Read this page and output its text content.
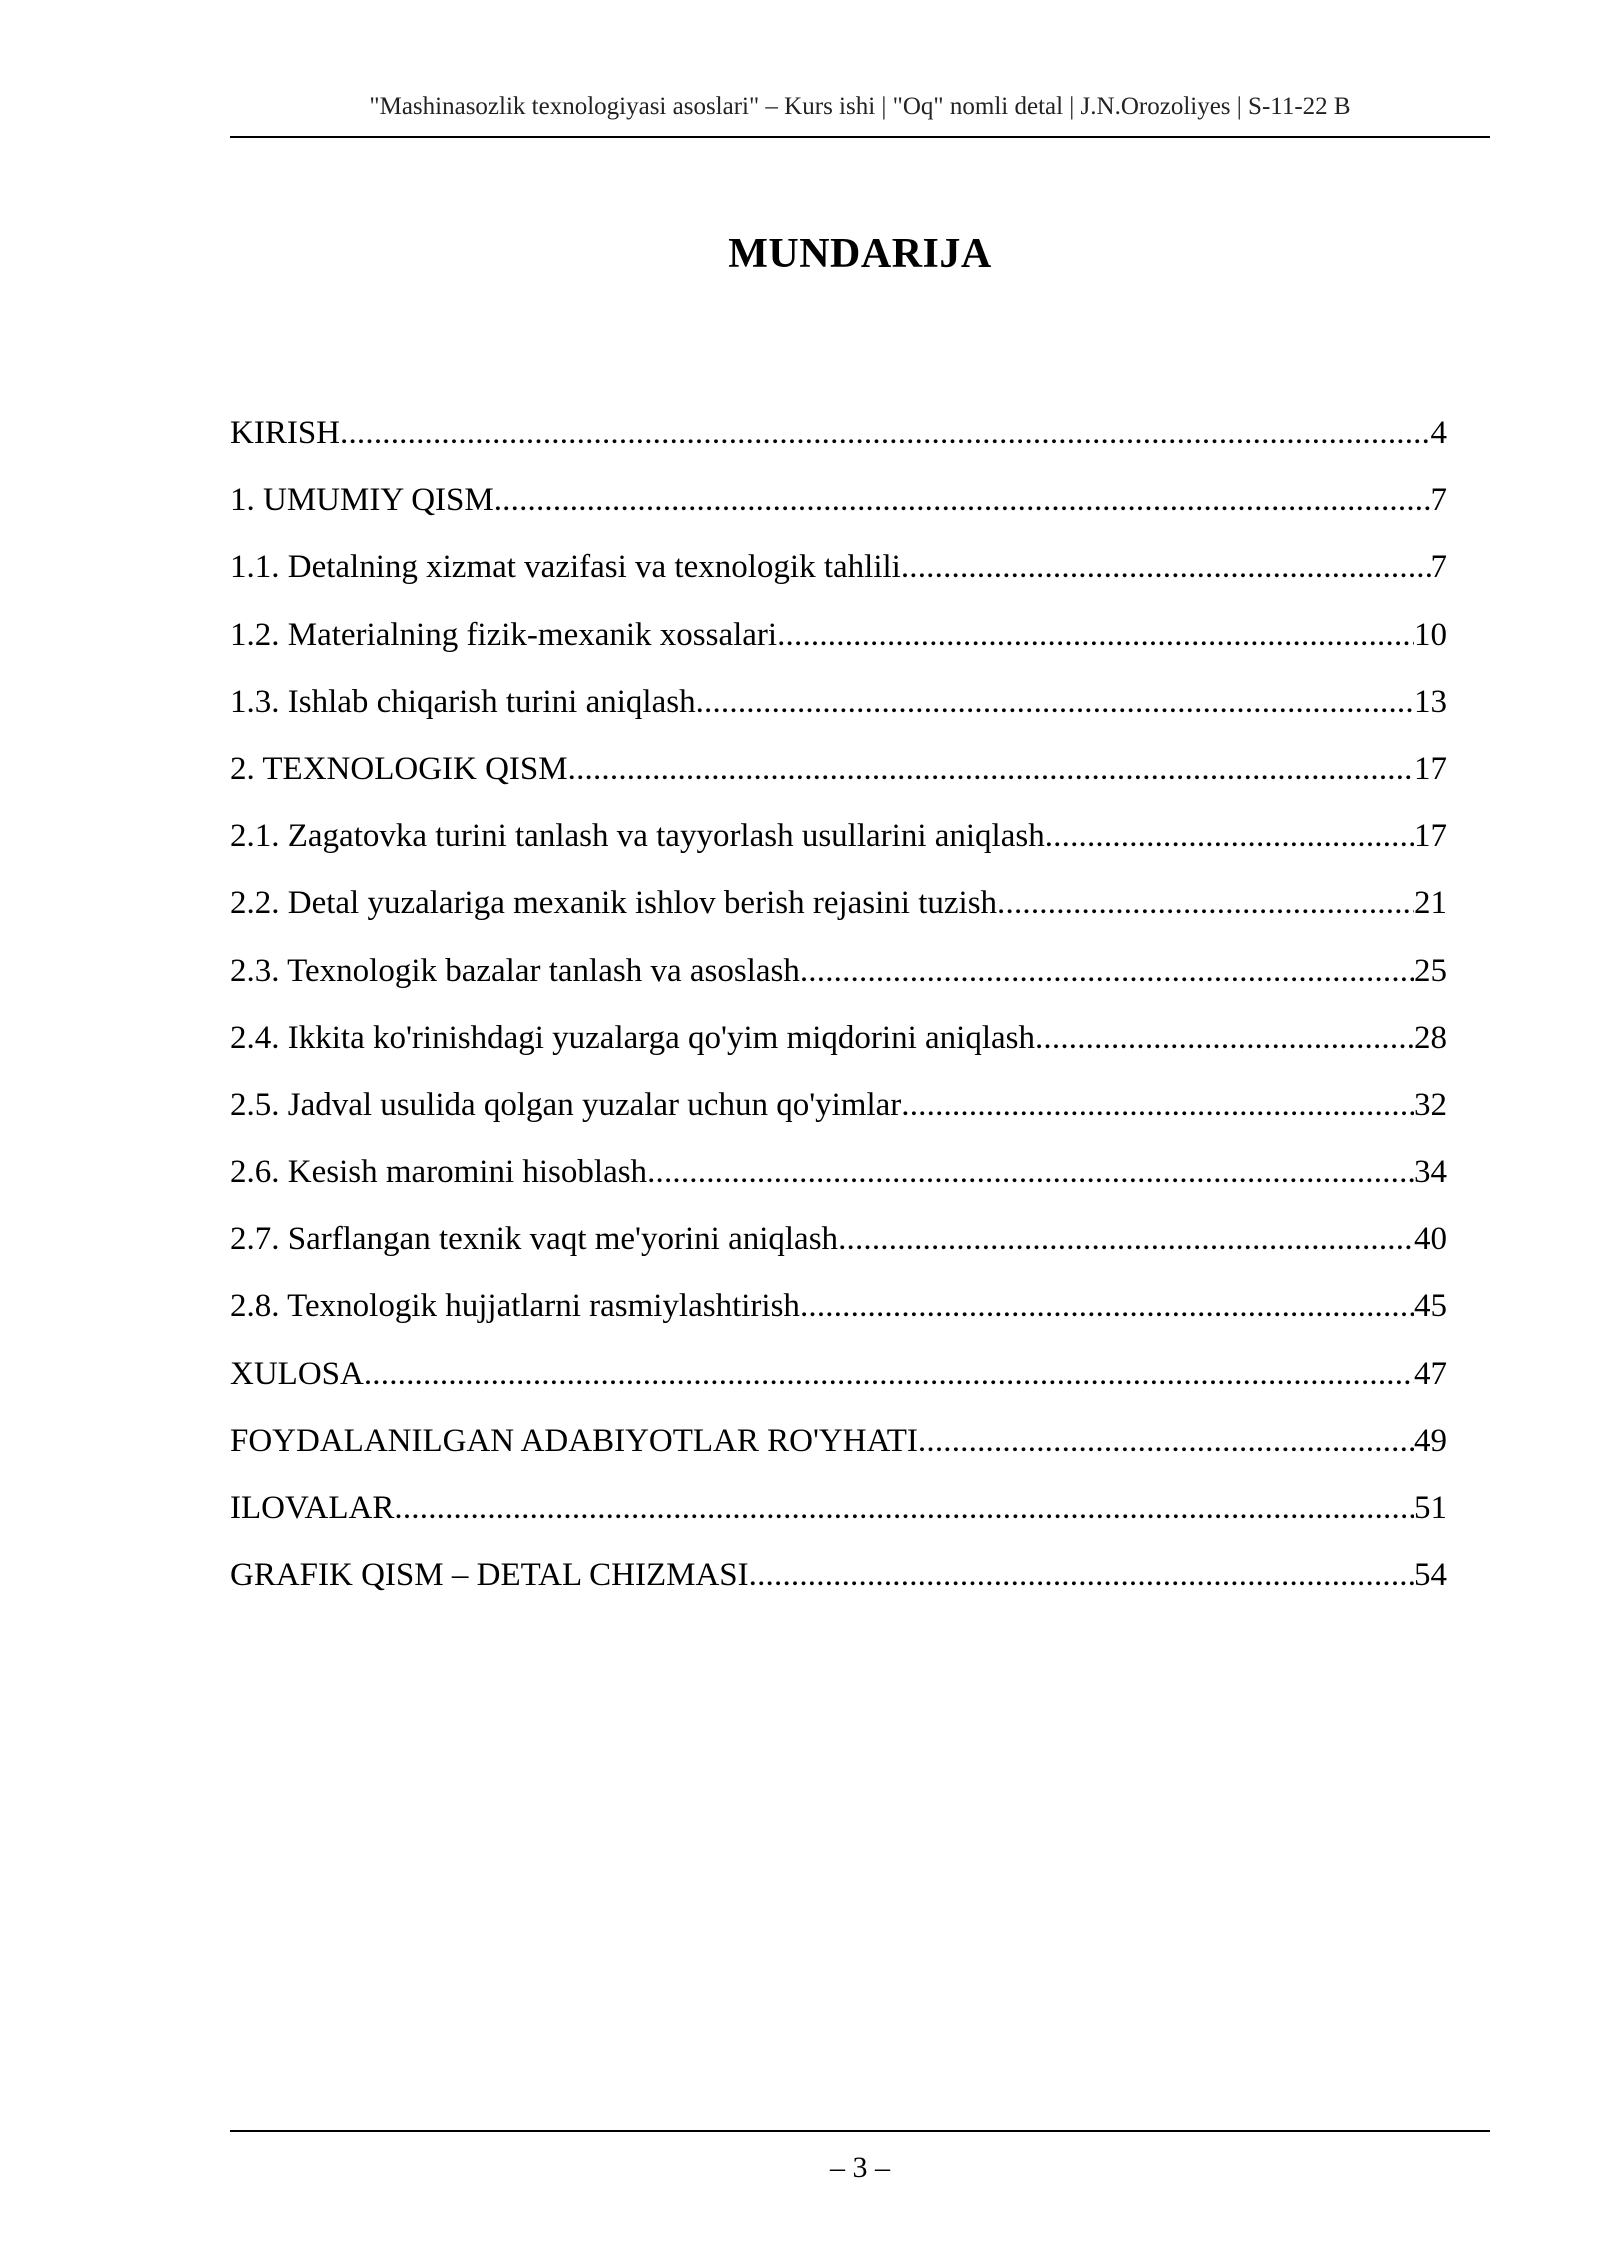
"Mashinasozlik texnologiyasi asoslari" – Kurs ishi | "Oq" nomli detal | J.N.Orozoliyes | S-11-22 B
MUNDARIJA
KIRISH .....	4
1. UMUMIY QISM .....	7
1.1. Detalning xizmat vazifasi va texnologik tahlili .....	7
1.2. Materialning fizik-mexanik xossalari .....	10
1.3. Ishlab chiqarish turini aniqlash .....	13
2. TEXNOLOGIK QISM .....	17
2.1. Zagatovka turini tanlash va tayyorlash usullarini aniqlash .....	17
2.2. Detal yuzalariga mexanik ishlov berish rejasini tuzish .....	21
2.3. Texnologik bazalar tanlash va asoslash .....	25
2.4. Ikkita ko'rinishdagi yuzalarga qo'yim miqdorini aniqlash .....	28
2.5. Jadval usulida qolgan yuzalar uchun qo'yimlar .....	32
2.6. Kesish maromini hisoblash .....	34
2.7. Sarflangan texnik vaqt me'yorini aniqlash .....	40
2.8. Texnologik hujjatlarni rasmiylashtirish .....	45
XULOSA .....	47
FOYDALANILGAN ADABIYOTLAR RO'YHATI .....	49
ILOVALAR .....	51
GRAFIK QISM – DETAL CHIZMASI .....	54
– 3 –
